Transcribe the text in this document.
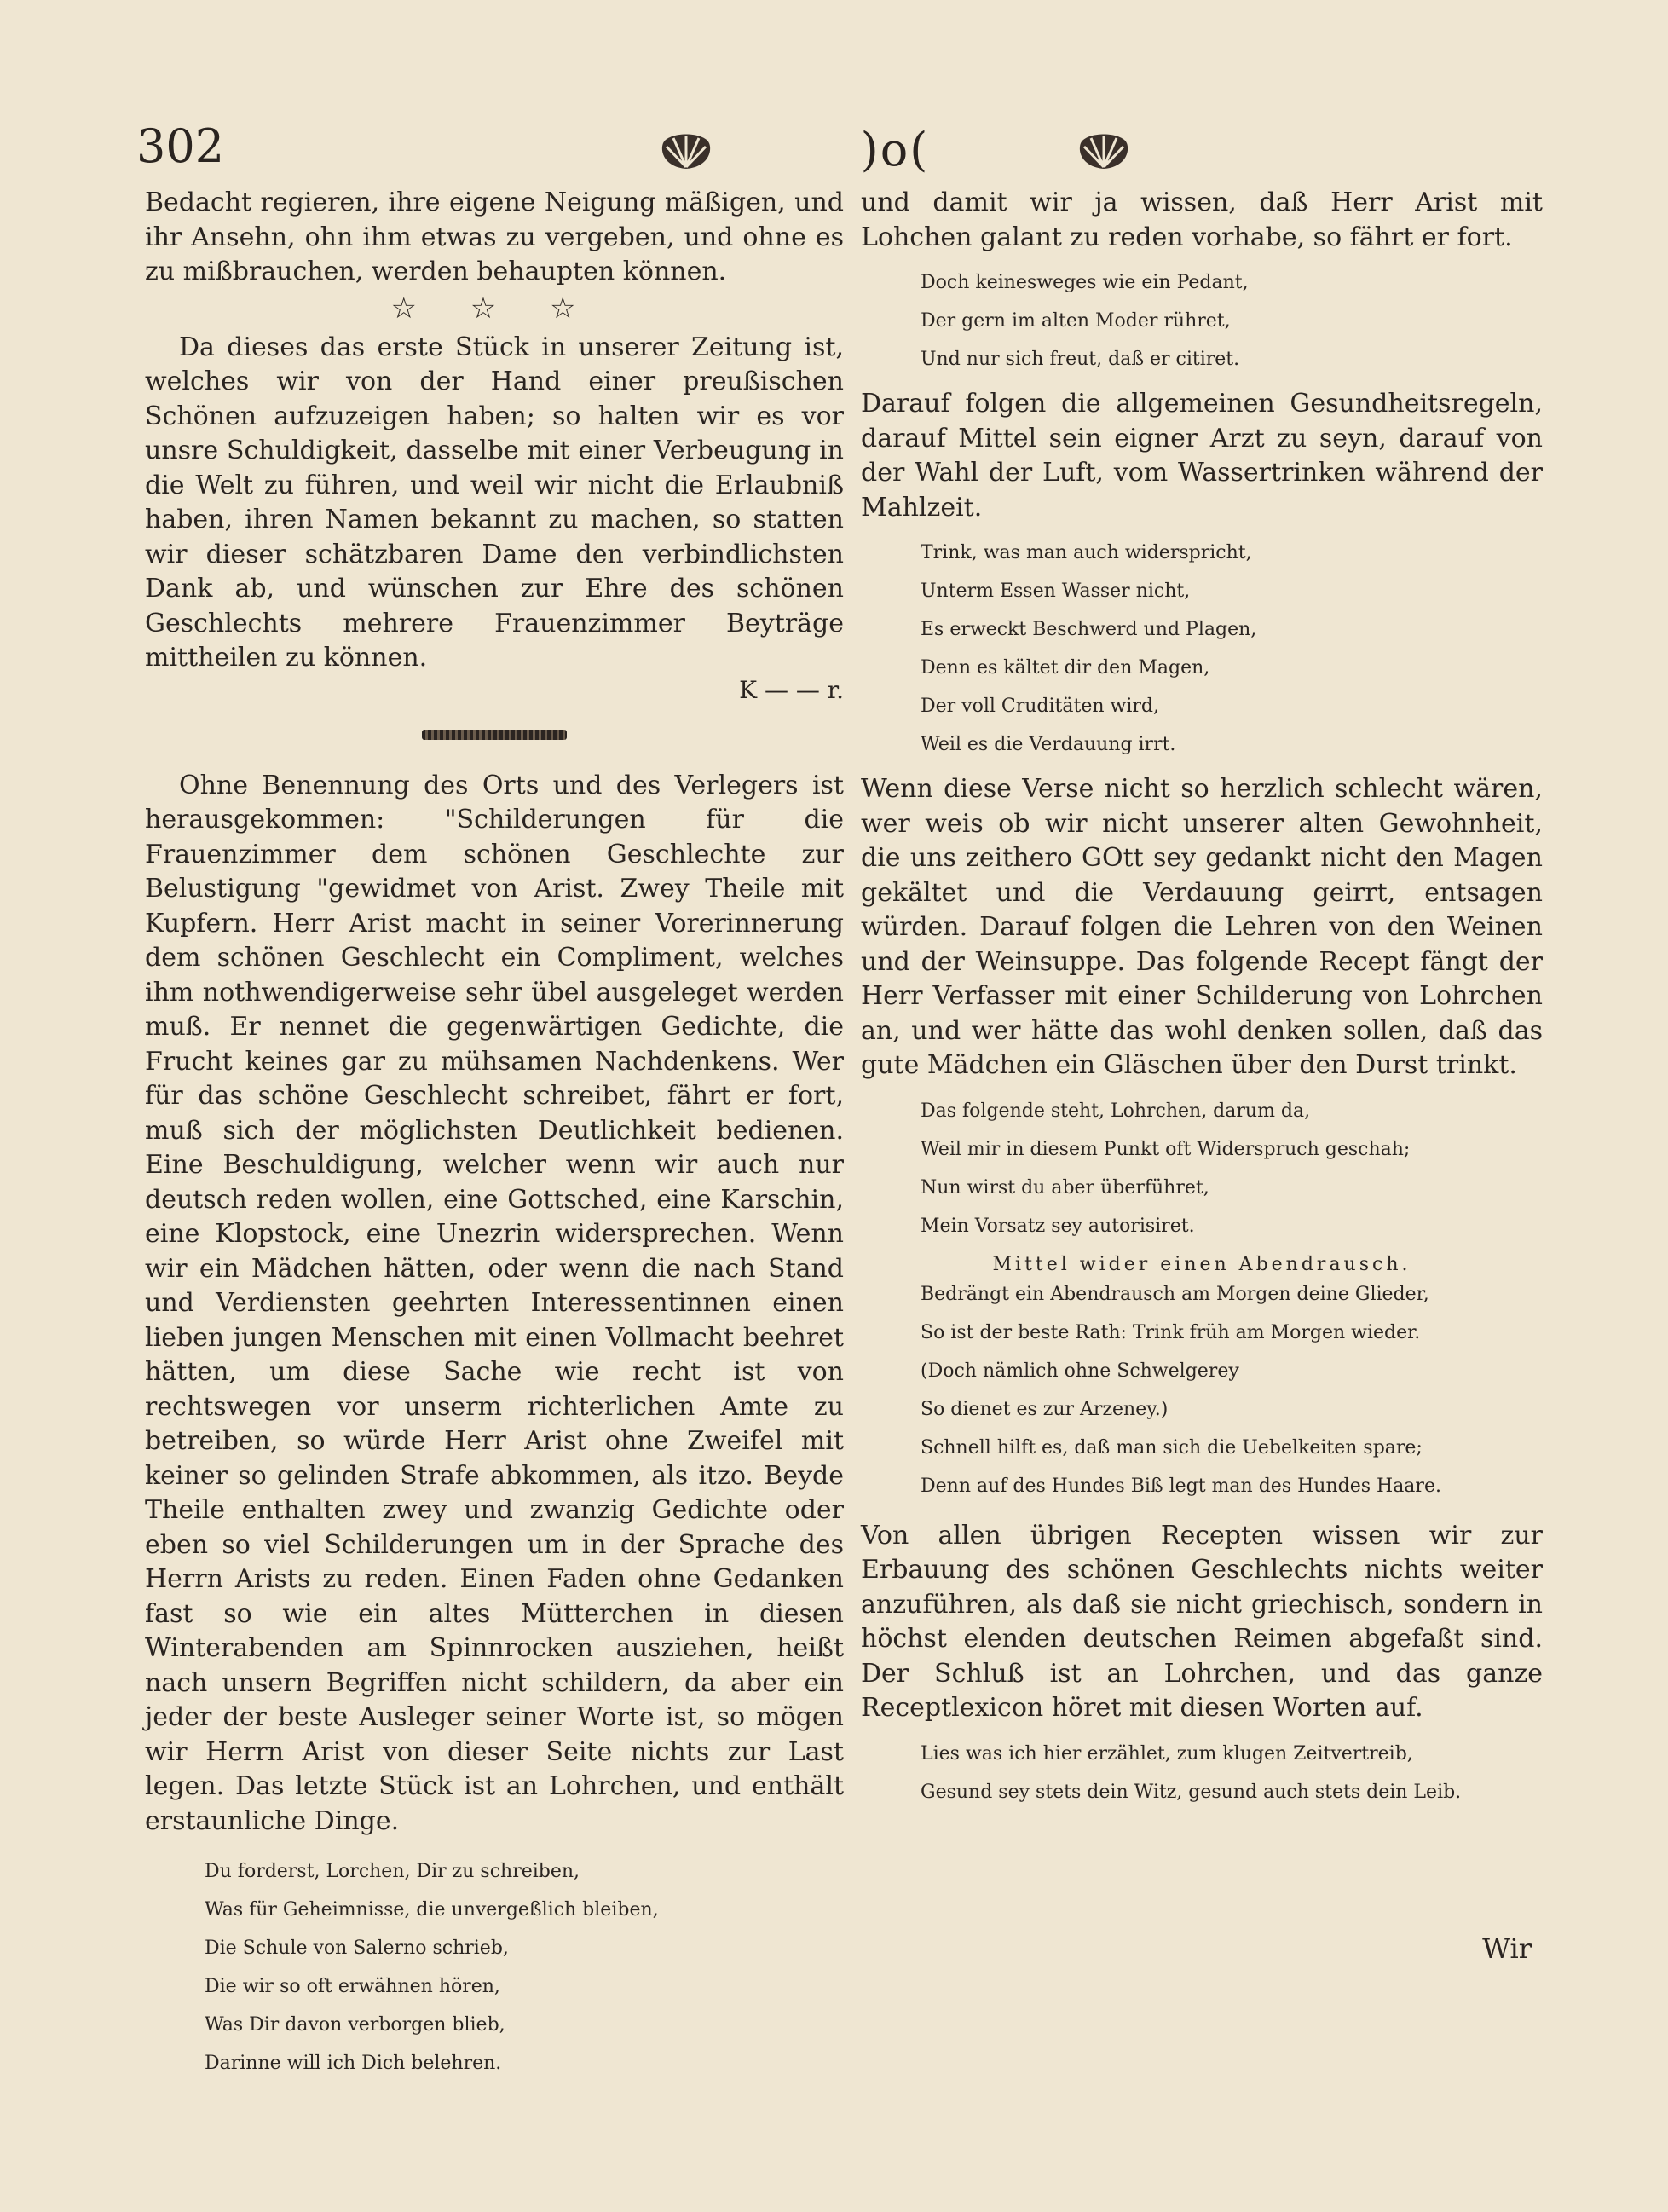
302	)o(

Bedacht regieren, ihre eigene Neigung mäßigen, und ihr Ansehn, ohn ihm etwas zu vergeben, und ohne es zu mißbrauchen, werden behaupten können.

☆ ☆ ☆

Da dieses das erste Stück in unserer Zeitung ist, welches wir von der Hand einer preußischen Schönen aufzuzeigen haben; so halten wir es vor unsre Schuldigkeit, dasselbe mit einer Verbeugung in die Welt zu führen, und weil wir nicht die Erlaubniß haben, ihren Namen bekannt zu machen, so statten wir dieser schätzbaren Dame den verbindlichsten Dank ab, und wünschen zur Ehre des schönen Geschlechts mehrere Frauenzimmer Beyträge mittheilen zu können.

K — — r.

Ohne Benennung des Orts und des Verlegers ist herausgekommen: "Schilderungen für die Frauenzimmer dem schönen Geschlechte zur Belustigung "gewidmet von Arist. Zwey Theile mit Kupfern. Herr Arist macht in seiner Vorerinnerung dem schönen Geschlecht ein Compliment, welches ihm nothwendigerweise sehr übel ausgeleget werden muß. Er nennet die gegenwärtigen Gedichte, die Frucht keines gar zu mühsamen Nachdenkens. Wer für das schöne Geschlecht schreibet, fährt er fort, muß sich der möglichsten Deutlichkeit bedienen. Eine Beschuldigung, welcher wenn wir auch nur deutsch reden wollen, eine Gottsched, eine Karschin, eine Klopstock, eine Unezrin widersprechen. Wenn wir ein Mädchen hätten, oder wenn die nach Stand und Verdiensten geehrten Interessentinnen einen lieben jungen Menschen mit einen Vollmacht beehret hätten, um diese Sache wie recht ist von rechtswegen vor unserm richterlichen Amte zu betreiben, so würde Herr Arist ohne Zweifel mit keiner so gelinden Strafe abkommen, als itzo. Beyde Theile enthalten zwey und zwanzig Gedichte oder eben so viel Schilderungen um in der Sprache des Herrn Arists zu reden. Einen Faden ohne Gedanken fast so wie ein altes Mütterchen in diesen Winterabenden am Spinnrocken ausziehen, heißt nach unsern Begriffen nicht schildern, da aber ein jeder der beste Ausleger seiner Worte ist, so mögen wir Herrn Arist von dieser Seite nichts zur Last legen. Das letzte Stück ist an Lohrchen, und enthält erstaunliche Dinge.

Du forderst, Lorchen, Dir zu schreiben,
Was für Geheimnisse, die unvergeßlich bleiben,
Die Schule von Salerno schrieb,
Die wir so oft erwähnen hören,
Was Dir davon verborgen blieb,
Darinne will ich Dich belehren.

und damit wir ja wissen, daß Herr Arist mit Lohchen galant zu reden vorhabe, so fährt er fort.

Doch keinesweges wie ein Pedant,
Der gern im alten Moder rühret,
Und nur sich freut, daß er citiret.

Darauf folgen die allgemeinen Gesundheitsregeln, darauf Mittel sein eigner Arzt zu seyn, darauf von der Wahl der Luft, vom Wassertrinken während der Mahlzeit.

Trink, was man auch widerspricht,
Unterm Essen Wasser nicht,
Es erweckt Beschwerd und Plagen,
Denn es kältet dir den Magen,
Der voll Cruditäten wird,
Weil es die Verdauung irrt.

Wenn diese Verse nicht so herzlich schlecht wären, wer weis ob wir nicht unserer alten Gewohnheit, die uns zeithero GOtt sey gedankt nicht den Magen gekältet und die Verdauung geirrt, entsagen würden. Darauf folgen die Lehren von den Weinen und der Weinsuppe. Das folgende Recept fängt der Herr Verfasser mit einer Schilderung von Lohrchen an, und wer hätte das wohl denken sollen, daß das gute Mädchen ein Gläschen über den Durst trinkt.

Das folgende steht, Lohrchen, darum da,
Weil mir in diesem Punkt oft Widerspruch geschah;
Nun wirst du aber überführet,
Mein Vorsatz sey autorisiret.
Mittel wider einen Abendrausch.
Bedrängt ein Abendrausch am Morgen deine Glieder,
So ist der beste Rath: Trink früh am Morgen wieder.
(Doch nämlich ohne Schwelgerey
So dienet es zur Arzeney.)
Schnell hilft es, daß man sich die Uebelkeiten spare;
Denn auf des Hundes Biß legt man des Hundes Haare.

Von allen übrigen Recepten wissen wir zur Erbauung des schönen Geschlechts nichts weiter anzuführen, als daß sie nicht griechisch, sondern in höchst elenden deutschen Reimen abgefaßt sind. Der Schluß ist an Lohrchen, und das ganze Receptlexicon höret mit diesen Worten auf.

Lies was ich hier erzählet, zum klugen Zeitvertreib,
Gesund sey stets dein Witz, gesund auch stets dein Leib.
Wir
